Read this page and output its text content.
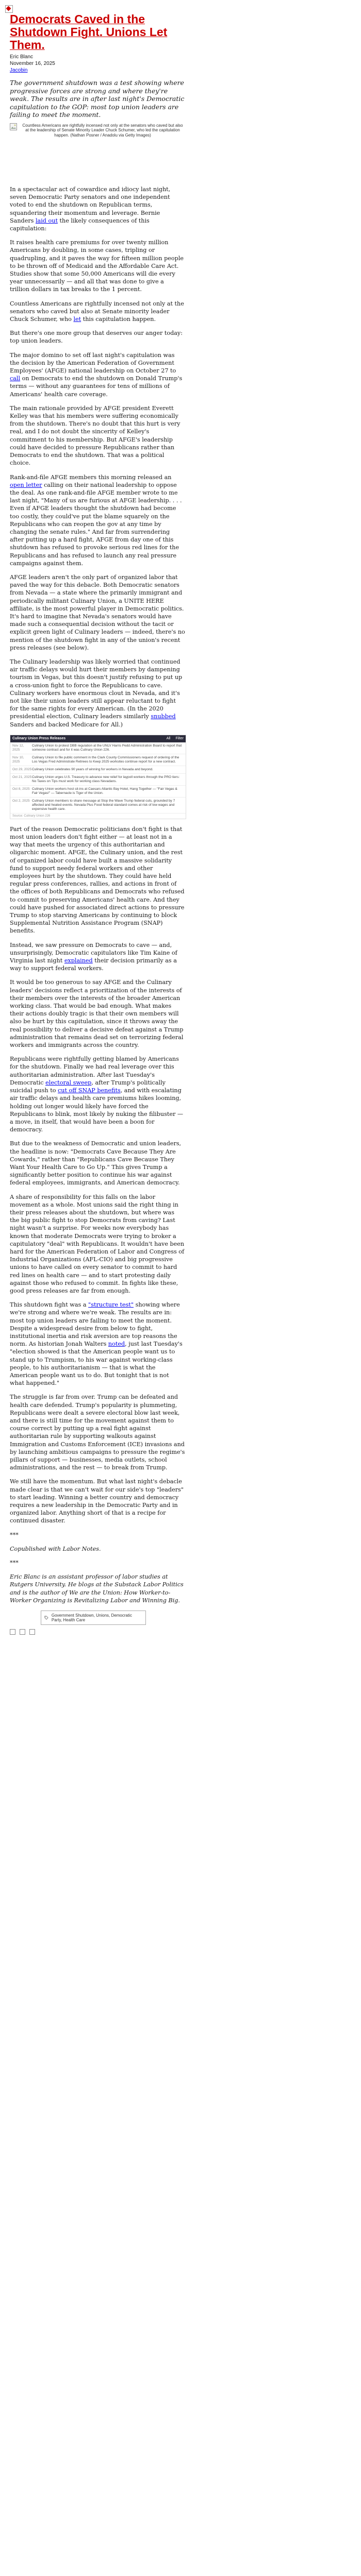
Democrats Caved in the Shutdown Fight. Unions Let Them.
Eric Blanc
November 16, 2025
Jacobin
The government shutdown was a test showing where progressive forces are strong and where they're weak. The results are in after last night's Democratic capitulation to the GOP: most top union leaders are failing to meet the moment.
Countless Americans are rightfully incensed not only at the senators who caved but also at the leadership of Senate Minority Leader Chuck Schumer, who led the capitulation happen. (Nathan Posner / Anadolu via Getty Images)

In a spectacular act of cowardice and idiocy last night, seven Democratic Party senators and one independent voted to end the shutdown on Republican terms, squandering their momentum and leverage. Bernie Sanders laid out the likely consequences of this capitulation:

It raises health care premiums for over twenty million Americans by doubling, in some cases, tripling or quadrupling, and it paves the way for fifteen million people to be thrown off of Medicaid and the Affordable Care Act. Studies show that some 50,000 Americans will die every year unnecessarily — and all that was done to give a trillion dollars in tax breaks to the 1 percent.

Countless Americans are rightfully incensed not only at the senators who caved but also at Senate minority leader Chuck Schumer, who let this capitulation happen.

But there's one more group that deserves our anger today: top union leaders.

The major domino to set off last night's capitulation was the decision by the American Federation of Government Employees' (AFGE) national leadership on October 27 to call on Democrats to end the shutdown on Donald Trump's terms — without any guarantees for tens of millions of Americans' health care coverage.

The main rationale provided by AFGE president Everett Kelley was that his members were suffering economically from the shutdown. There's no doubt that this hurt is very real, and I do not doubt the sincerity of Kelley's commitment to his membership. But AFGE's leadership could have decided to pressure Republicans rather than Democrats to end the shutdown. That was a political choice.

Rank-and-file AFGE members this morning released an open letter calling on their national leadership to oppose the deal. As one rank-and-file AFGE member wrote to me last night, "Many of us are furious at AFGE leadership. . . . Even if AFGE leaders thought the shutdown had become too costly, they could've put the blame squarely on the Republicans who can reopen the gov at any time by changing the senate rules." And far from surrendering after putting up a hard fight, AFGE from day one of this shutdown has refused to provoke serious red lines for the Republicans and has refused to launch any real pressure campaigns against them.

AFGE leaders aren't the only part of organized labor that paved the way for this debacle. Both Democratic senators from Nevada — a state where the primarily immigrant and periodically militant Culinary Union, a UNITE HERE affiliate, is the most powerful player in Democratic politics. It's hard to imagine that Nevada's senators would have made such a consequential decision without the tacit or explicit green light of Culinary leaders — indeed, there's no mention of the shutdown fight in any of the union's recent press releases (see below).

The Culinary leadership was likely worried that continued air traffic delays would hurt their members by dampening tourism in Vegas, but this doesn't justify refusing to put up a cross-union fight to force the Republicans to cave. Culinary workers have enormous clout in Nevada, and it's not like their union leaders still appear reluctant to fight for the same rights for every American. (In the 2020 presidential election, Culinary leaders similarly snubbed Sanders and backed Medicare for All.)

Culinary Union Press Releases	All Filter
Nov 12, 2025
Culinary Union to protest DBB regulation at the UNLV Harris Pedd Administration Board to report that someone contract and for it was Culinary Union 226.
Nov 10, 2025
Culinary Union to file public comment in the Clark County Commissioners request of ordering of the Los Vegas Fred Administrate Retirees to Keep 2025 worksites continue report for a new contract.
Oct 29, 2025 Culinary Union celebrates 90 years of winning for workers in Nevada and beyond.
Oct 21, 2025 Culinary Union urges U.S. Treasury to advance new relief for laypoll workers through the PRO tiers: No Taxes on Tips must work for working class Nevadans.
Oct 8, 2025 Culinary Union workers host sit-ins at Caesars Atlantic Bay Hotel, Hang Together — "Fair Vegas & Fair Vegas!" — Tabernacle is Tiger of the Union.
Oct 2, 2025 Culinary Union members to share message at Stop the Wave Trump federal cuts, grounded by 7 affected and heated events. Nevada Plus Food federal standard comes at risk of low wages and expensive health care.
Source: Culinary Union 226

Part of the reason Democratic politicians don't fight is that most union leaders don't fight either — at least not in a way that meets the urgency of this authoritarian and oligarchic moment. AFGE, the Culinary union, and the rest of organized labor could have built a massive solidarity fund to support needy federal workers and other employees hurt by the shutdown. They could have held regular press conferences, rallies, and actions in front of the offices of both Republicans and Democrats who refused to commit to preserving Americans' health care. And they could have pushed for associated direct actions to pressure Trump to stop starving Americans by continuing to block Supplemental Nutrition Assistance Program (SNAP) benefits.

Instead, we saw pressure on Democrats to cave — and, unsurprisingly, Democratic capitulators like Tim Kaine of Virginia last night explained their decision primarily as a way to support federal workers.

It would be too generous to say AFGE and the Culinary leaders' decisions reflect a prioritization of the interests of their members over the interests of the broader American working class. That would be bad enough. What makes their actions doubly tragic is that their own members will also be hurt by this capitulation, since it throws away the real possibility to deliver a decisive defeat against a Trump administration that remains dead set on terrorizing federal workers and immigrants across the country.

Republicans were rightfully getting blamed by Americans for the shutdown. Finally we had real leverage over this authoritarian administration. After last Tuesday's Democratic electoral sweep, after Trump's politically suicidal push to cut off SNAP benefits, and with escalating air traffic delays and health care premiums hikes looming, holding out longer would likely have forced the Republicans to blink, most likely by nuking the filibuster — a move, in itself, that would have been a boon for democracy.

But due to the weakness of Democratic and union leaders, the headline is now: "Democrats Cave Because They Are Cowards," rather than "Republicans Cave Because They Want Your Health Care to Go Up." This gives Trump a significantly better position to continue his war against federal employees, immigrants, and American democracy.

A share of responsibility for this falls on the labor movement as a whole. Most unions said the right thing in their press releases about the shutdown, but where was the big public fight to stop Democrats from caving? Last night wasn't a surprise. For weeks now everybody has known that moderate Democrats were trying to broker a capitulatory "deal" with Republicans. It wouldn't have been hard for the American Federation of Labor and Congress of Industrial Organizations (AFL-CIO) and big progressive unions to have called on every senator to commit to hard red lines on health care — and to start protesting daily against those who refused to commit. In fights like these, good press releases are far from enough.

This shutdown fight was a "structure test" showing where we're strong and where we're weak. The results are in: most top union leaders are failing to meet the moment. Despite a widespread desire from below to fight, institutional inertia and risk aversion are top reasons the norm. As historian Jonah Walters noted, just last Tuesday's "election showed is that the American people want us to stand up to Trumpism, to his war against working-class people, to his authoritarianism — that is what the American people want us to do. But tonight that is not what happened."

The struggle is far from over. Trump can be defeated and health care defended. Trump's popularity is plummeting, Republicans were dealt a severe electoral blow last week, and there is still time for the movement against them to course correct by putting up a real fight against authoritarian rule by supporting walkouts against Immigration and Customs Enforcement (ICE) invasions and by launching ambitious campaigns to pressure the regime's pillars of support — businesses, media outlets, school administrations, and the rest — to break from Trump.

We still have the momentum. But what last night's debacle made clear is that we can't wait for our side's top "leaders" to start leading. Winning a better country and democracy requires a new leadership in the Democratic Party and in organized labor. Anything short of that is a recipe for continued disaster.

***

Copublished with Labor Notes.

***

Eric Blanc is an assistant professor of labor studies at Rutgers University. He blogs at the Substack Labor Politics and is the author of We are the Union: How Worker-to-Worker Organizing is Revitalizing Labor and Winning Big.

Government Shutdown, Unions, Democratic Party, Health Care
